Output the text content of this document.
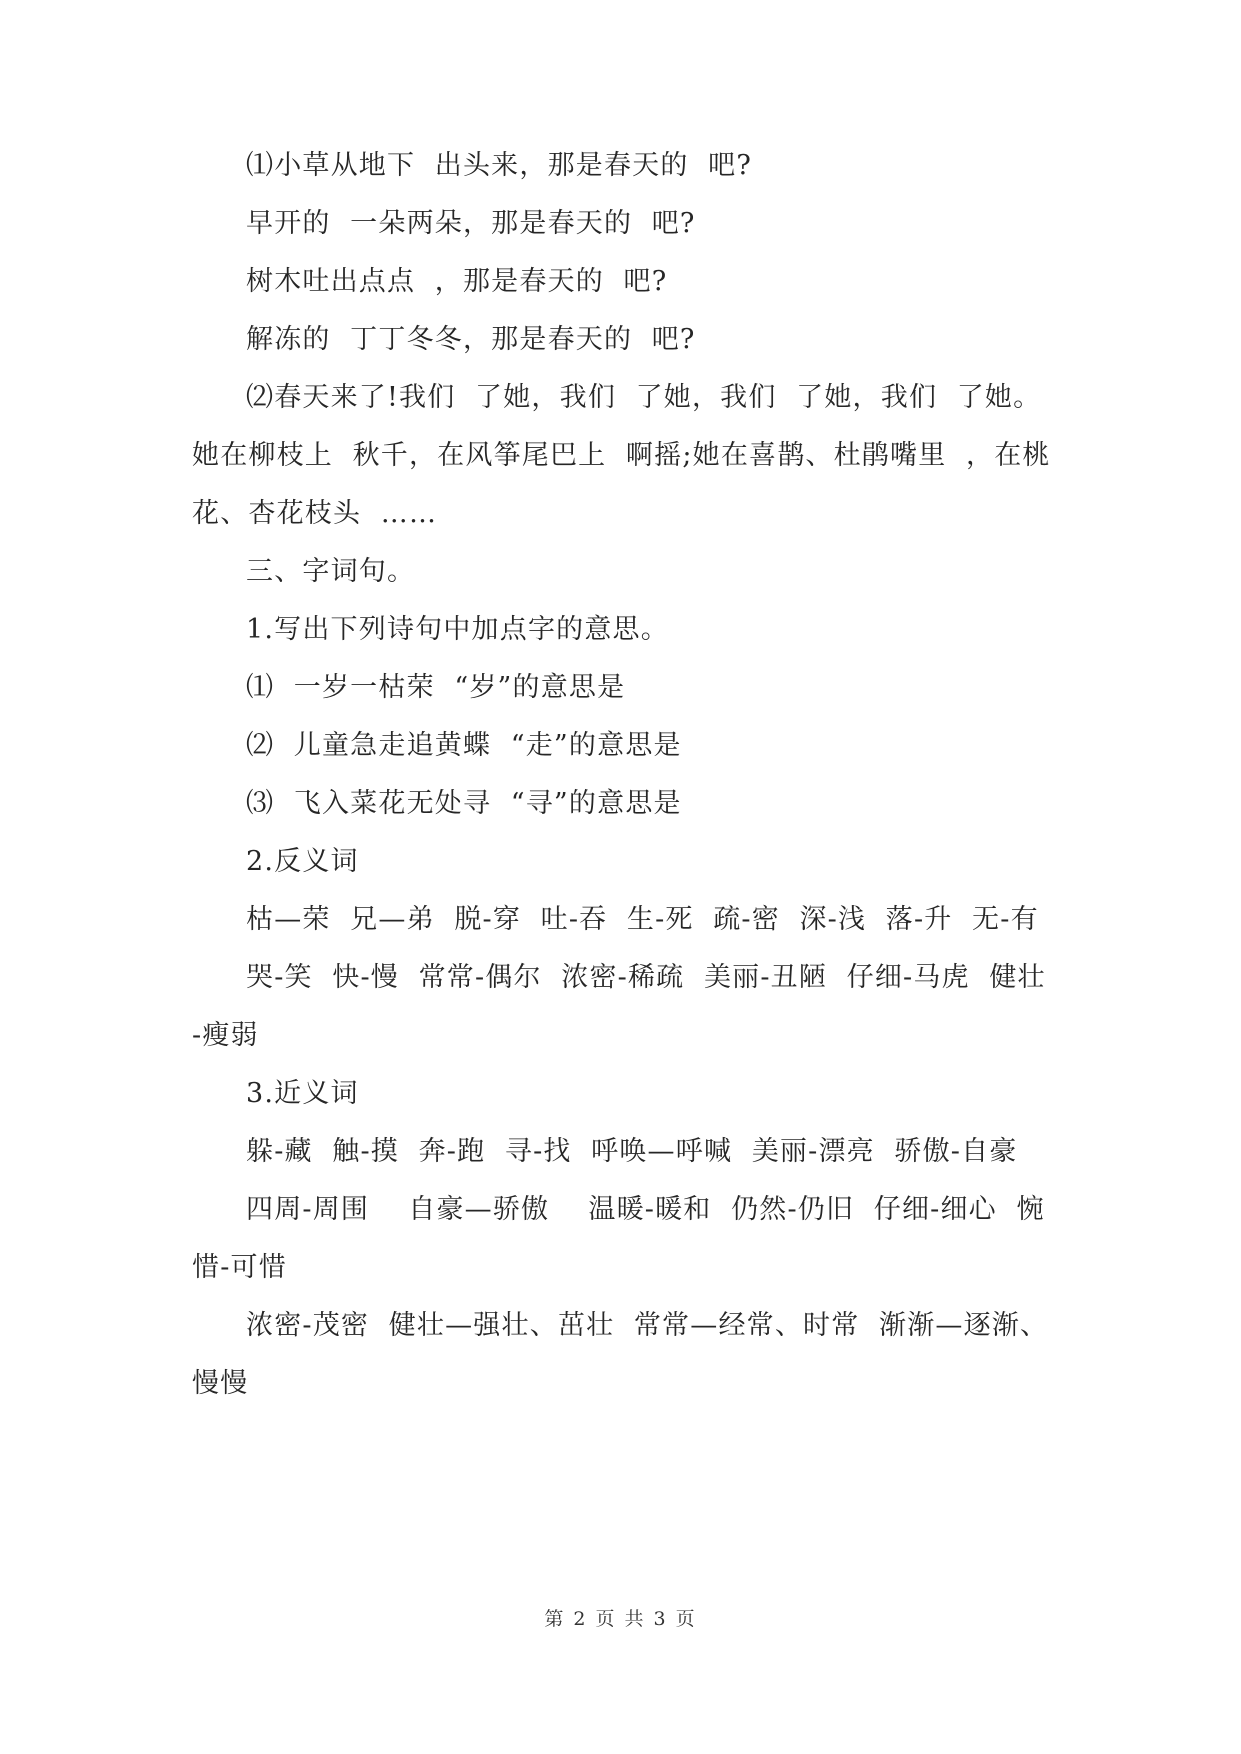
⑴小草从地下  出头来，那是春天的  吧?
早开的  一朵两朵，那是春天的  吧?
树木吐出点点  ，那是春天的  吧?
解冻的  丁丁冬冬，那是春天的  吧?
⑵春天来了!我们  了她，我们  了她，我们  了她，我们  了她。
她在柳枝上  秋千，在风筝尾巴上  啊摇;她在喜鹊、杜鹃嘴里  ，在桃
花、杏花枝头  ……
三、字词句。
1.写出下列诗句中加点字的意思。
⑴  一岁一枯荣  “岁”的意思是
⑵  儿童急走追黄蝶  “走”的意思是
⑶  飞入菜花无处寻  “寻”的意思是
2.反义词
枯—荣  兄—弟  脱-穿  吐-吞  生-死  疏-密  深-浅  落-升  无-有
哭-笑  快-慢  常常-偶尔  浓密-稀疏  美丽-丑陋  仔细-马虎  健壮
-瘦弱
3.近义词
躲-藏  触-摸  奔-跑  寻-找  呼唤—呼喊  美丽-漂亮  骄傲-自豪
四周-周围    自豪—骄傲    温暖-暖和  仍然-仍旧  仔细-细心  惋
惜-可惜
浓密-茂密  健壮—强壮、茁壮  常常—经常、时常  渐渐—逐渐、
慢慢
第 2 页 共 3 页
